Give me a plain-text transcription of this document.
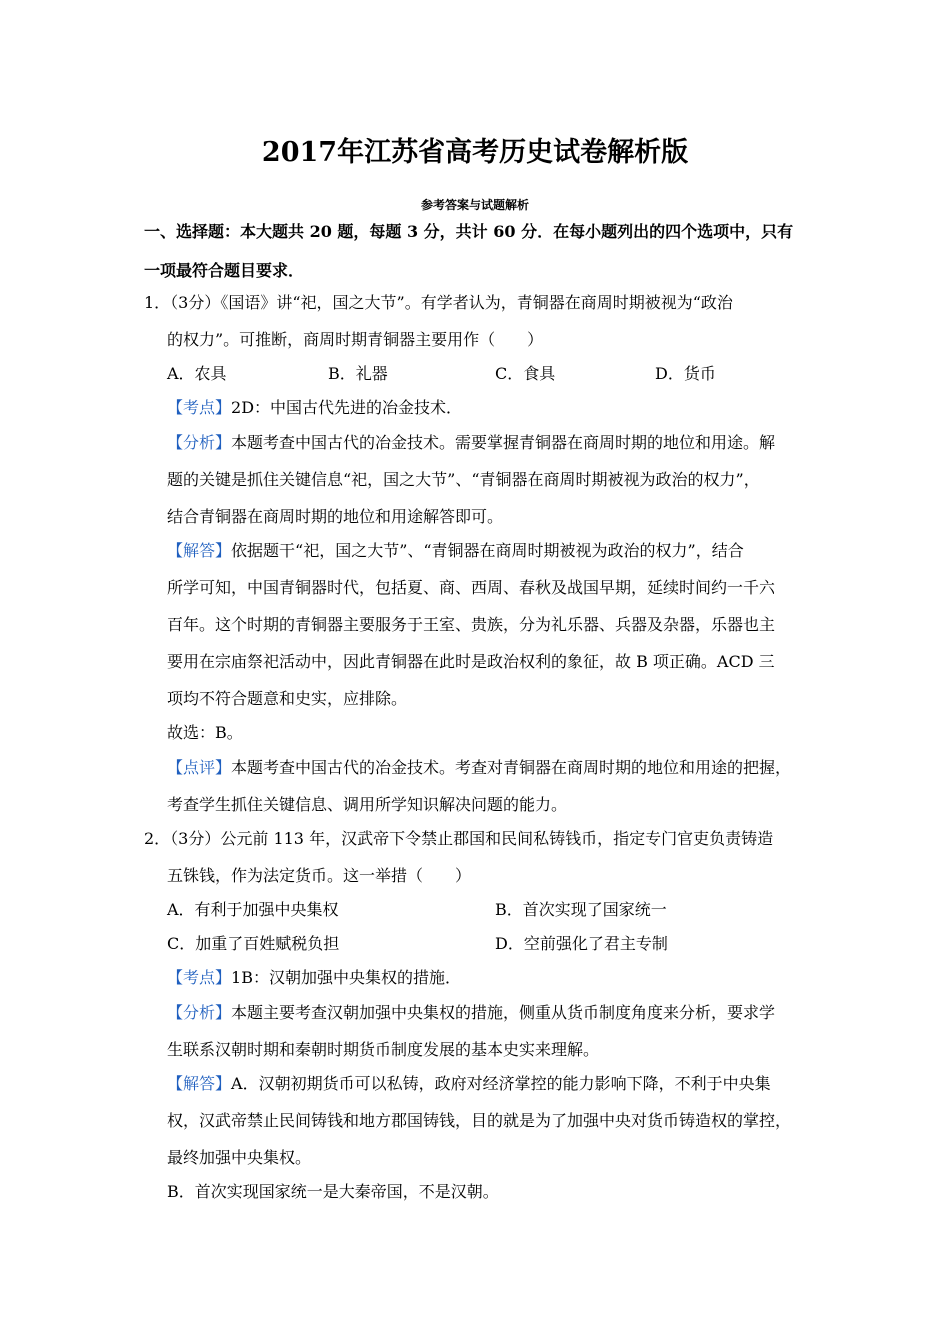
2017年江苏省高考历史试卷解析版
参考答案与试题解析
一、选择题：本大题共 20 题，每题 3 分，共计 60 分．在每小题列出的四个选项中，只有
一项最符合题目要求．
1．（3分）《国语》讲“祀，国之大节”。有学者认为，青铜器在商周时期被视为“政治
的权力”。可推断，商周时期青铜器主要用作（　　）
A．农具	B．礼器	C．食具	D．货币
【考点】2D：中国古代先进的冶金技术．
【分析】本题考查中国古代的冶金技术。需要掌握青铜器在商周时期的地位和用途。解
题的关键是抓住关键信息“祀，国之大节”、“青铜器在商周时期被视为政治的权力”，
结合青铜器在商周时期的地位和用途解答即可。
【解答】依据题干“祀，国之大节”、“青铜器在商周时期被视为政治的权力”，结合
所学可知，中国青铜器时代，包括夏、商、西周、春秋及战国早期，延续时间约一千六
百年。这个时期的青铜器主要服务于王室、贵族，分为礼乐器、兵器及杂器，乐器也主
要用在宗庙祭祀活动中，因此青铜器在此时是政治权利的象征，故 B 项正确。ACD 三
项均不符合题意和史实，应排除。
故选：B。
【点评】本题考查中国古代的冶金技术。考查对青铜器在商周时期的地位和用途的把握，
考查学生抓住关键信息、调用所学知识解决问题的能力。
2．（3分）公元前 113 年，汉武帝下令禁止郡国和民间私铸钱币，指定专门官吏负责铸造
五铢钱，作为法定货币。这一举措（　　）
A．有利于加强中央集权	B．首次实现了国家统一
C．加重了百姓赋税负担	D．空前强化了君主专制
【考点】1B：汉朝加强中央集权的措施．
【分析】本题主要考查汉朝加强中央集权的措施，侧重从货币制度角度来分析，要求学
生联系汉朝时期和秦朝时期货币制度发展的基本史实来理解。
【解答】A．汉朝初期货币可以私铸，政府对经济掌控的能力影响下降，不利于中央集
权，汉武帝禁止民间铸钱和地方郡国铸钱，目的就是为了加强中央对货币铸造权的掌控，
最终加强中央集权。
B．首次实现国家统一是大秦帝国，不是汉朝。
